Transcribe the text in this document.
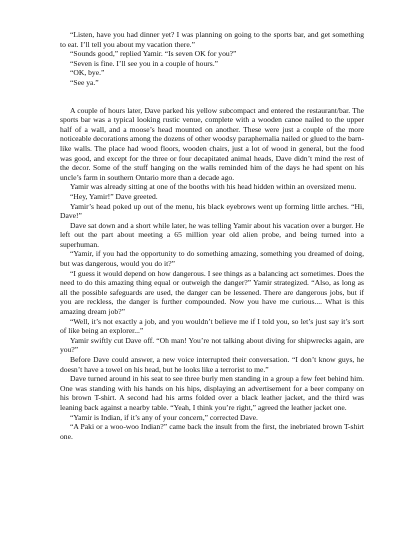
“Listen, have you had dinner yet? I was planning on going to the sports bar, and get something to eat. I’ll tell you about my vacation there.”

“Sounds good,” replied Yamir. “Is seven OK for you?”

“Seven is fine. I’ll see you in a couple of hours.”

“OK, bye.”

“See ya.”

A couple of hours later, Dave parked his yellow subcompact and entered the restaurant/bar. The sports bar was a typical looking rustic venue, complete with a wooden canoe nailed to the upper half of a wall, and a moose’s head mounted on another. These were just a couple of the more noticeable decorations among the dozens of other woodsy paraphernalia nailed or glued to the barn-like walls. The place had wood floors, wooden chairs, just a lot of wood in general, but the food was good, and except for the three or four decapitated animal heads, Dave didn’t mind the rest of the decor. Some of the stuff hanging on the walls reminded him of the days he had spent on his uncle’s farm in southern Ontario more than a decade ago.

Yamir was already sitting at one of the booths with his head hidden within an oversized menu.

“Hey, Yamir!” Dave greeted.

Yamir’s head poked up out of the menu, his black eyebrows went up forming little arches. “Hi, Dave!”

Dave sat down and a short while later, he was telling Yamir about his vacation over a burger. He left out the part about meeting a 65 million year old alien probe, and being turned into a superhuman.

“Yamir, if you had the opportunity to do something amazing, something you dreamed of doing, but was dangerous, would you do it?”

“I guess it would depend on how dangerous. I see things as a balancing act sometimes. Does the need to do this amazing thing equal or outweigh the danger?” Yamir strategized. “Also, as long as all the possible safeguards are used, the danger can be lessened. There are dangerous jobs, but if you are reckless, the danger is further compounded. Now you have me curious.... What is this amazing dream job?”

“Well, it’s not exactly a job, and you wouldn’t believe me if I told you, so let’s just say it’s sort of like being an explorer...”

Yamir swiftly cut Dave off. “Oh man! You’re not talking about diving for shipwrecks again, are you?”

Before Dave could answer, a new voice interrupted their conversation. “I don’t know guys, he doesn’t have a towel on his head, but he looks like a terrorist to me.”

Dave turned around in his seat to see three burly men standing in a group a few feet behind him. One was standing with his hands on his hips, displaying an advertisement for a beer company on his brown T-shirt. A second had his arms folded over a black leather jacket, and the third was leaning back against a nearby table. “Yeah, I think you’re right,” agreed the leather jacket one.

“Yamir is Indian, if it’s any of your concern,” corrected Dave.

“A Paki or a woo-woo Indian?” came back the insult from the first, the inebriated brown T-shirt one.
